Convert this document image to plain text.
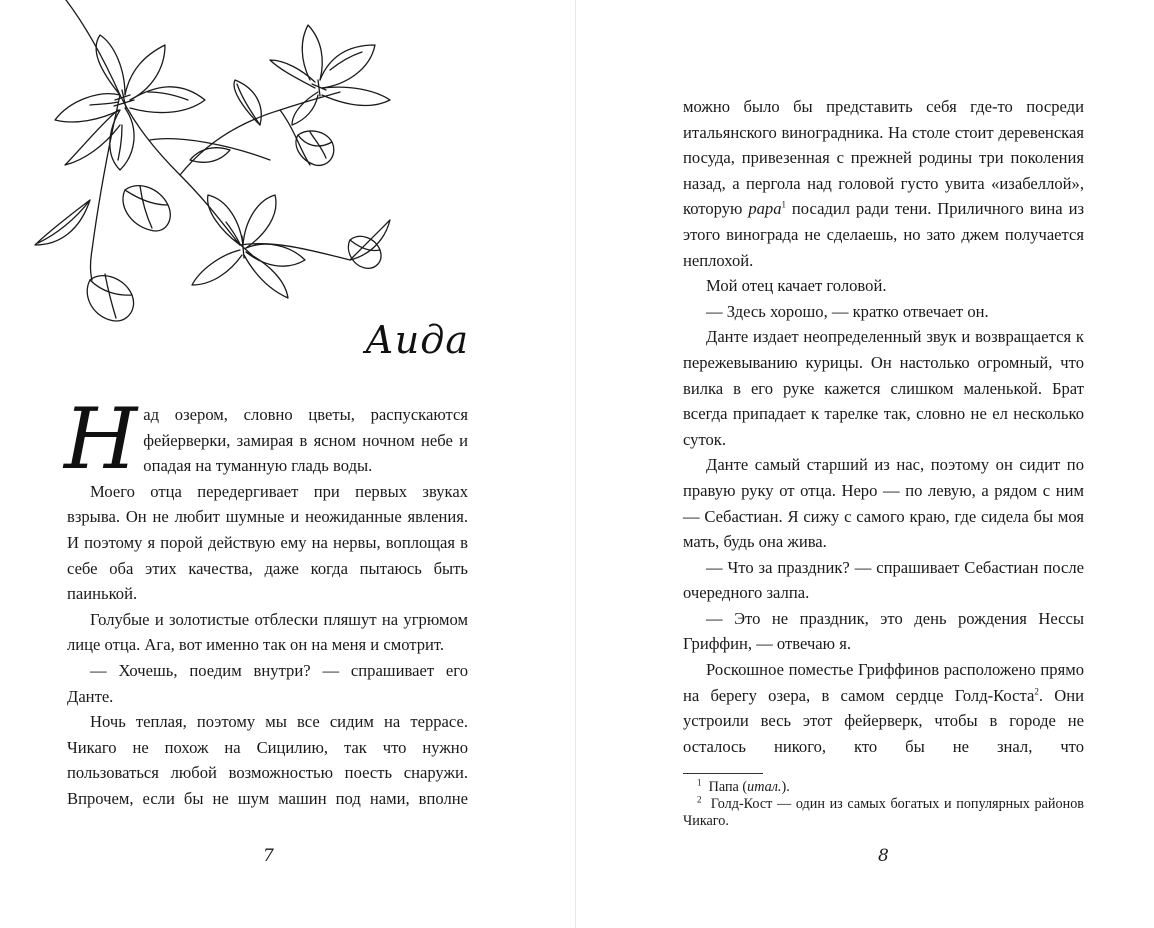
Аида

Над озером, словно цветы, распускаются фейерверки, замирая в ясном ночном небе и опадая на туманную гладь воды.

Моего отца передергивает при первых звуках взрыва. Он не любит шумные и неожиданные явления. И поэтому я порой действую ему на нервы, воплощая в себе оба этих качества, даже когда пытаюсь быть паинькой.

Голубые и золотистые отблески пляшут на угрюмом лице отца. Ага, вот именно так он на меня и смотрит.

— Хочешь, поедим внутри? — спрашивает его Данте.

Ночь теплая, поэтому мы все сидим на террасе. Чикаго не похож на Сицилию, так что нужно пользоваться любой возможностью поесть снаружи. Впрочем, если бы не шум машин под нами, вполне

7

можно было бы представить себя где-то посреди итальянского виноградника. На столе стоит деревенская посуда, привезенная с прежней родины три поколения назад, а пергола над головой густо увита «изабеллой», которую papa$^1$ посадил ради тени. Приличного вина из этого винограда не сделаешь, но зато джем получается неплохой.

Мой отец качает головой.

— Здесь хорошо, — кратко отвечает он.

Данте издает неопределенный звук и возвращается к пережевыванию курицы. Он настолько огромный, что вилка в его руке кажется слишком маленькой. Брат всегда припадает к тарелке так, словно не ел несколько суток.

Данте самый старший из нас, поэтому он сидит по правую руку от отца. Неро — по левую, а рядом с ним — Себастиан. Я сижу с самого краю, где сидела бы моя мать, будь она жива.

— Что за праздник? — спрашивает Себастиан после очередного залпа.

— Это не праздник, это день рождения Нессы Гриффин, — отвечаю я.

Роскошное поместье Гриффинов расположено прямо на берегу озера, в самом сердце Голд-Коста$^2$. Они устроили весь этот фейерверк, чтобы в городе не осталось никого, кто бы не знал, что

$^1$ Папа (итал.).
$^2$ Голд-Кост — один из самых богатых и популярных районов Чикаго.
8
